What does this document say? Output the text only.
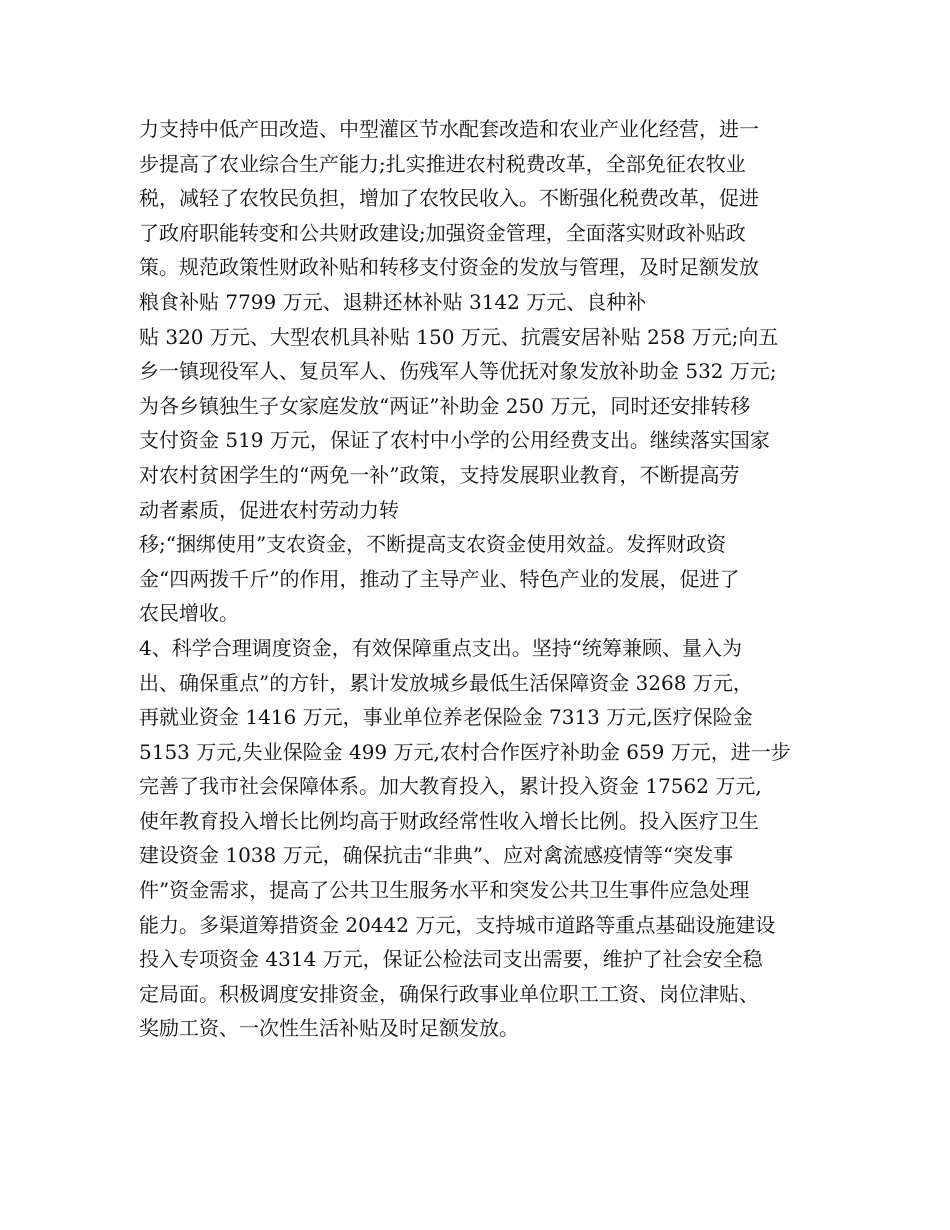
力支持中低产田改造、中型灌区节水配套改造和农业产业化经营，进一
步提高了农业综合生产能力;扎实推进农村税费改革，全部免征农牧业
税，减轻了农牧民负担，增加了农牧民收入。不断强化税费改革，促进
了政府职能转变和公共财政建设;加强资金管理，全面落实财政补贴政
策。规范政策性财政补贴和转移支付资金的发放与管理，及时足额发放
粮食补贴 7799 万元、退耕还林补贴 3142 万元、良种补
贴 320 万元、大型农机具补贴 150 万元、抗震安居补贴 258 万元;向五
乡一镇现役军人、复员军人、伤残军人等优抚对象发放补助金 532 万元;
为各乡镇独生子女家庭发放“两证”补助金 250 万元，同时还安排转移
支付资金 519 万元，保证了农村中小学的公用经费支出。继续落实国家
对农村贫困学生的“两免一补”政策，支持发展职业教育，不断提高劳
动者素质，促进农村劳动力转
移;“捆绑使用”支农资金，不断提高支农资金使用效益。发挥财政资
金“四两拨千斤”的作用，推动了主导产业、特色产业的发展，促进了
农民增收。
4、科学合理调度资金，有效保障重点支出。坚持“统筹兼顾、量入为
出、确保重点”的方针，累计发放城乡最低生活保障资金 3268 万元，
再就业资金 1416 万元，事业单位养老保险金 7313 万元,医疗保险金
5153 万元,失业保险金 499 万元,农村合作医疗补助金 659 万元，进一步
完善了我市社会保障体系。加大教育投入，累计投入资金 17562 万元,
使年教育投入增长比例均高于财政经常性收入增长比例。投入医疗卫生
建设资金 1038 万元，确保抗击“非典”、应对禽流感疫情等“突发事
件”资金需求，提高了公共卫生服务水平和突发公共卫生事件应急处理
能力。多渠道筹措资金 20442 万元，支持城市道路等重点基础设施建设
投入专项资金 4314 万元，保证公检法司支出需要，维护了社会安全稳
定局面。积极调度安排资金，确保行政事业单位职工工资、岗位津贴、
奖励工资、一次性生活补贴及时足额发放。
